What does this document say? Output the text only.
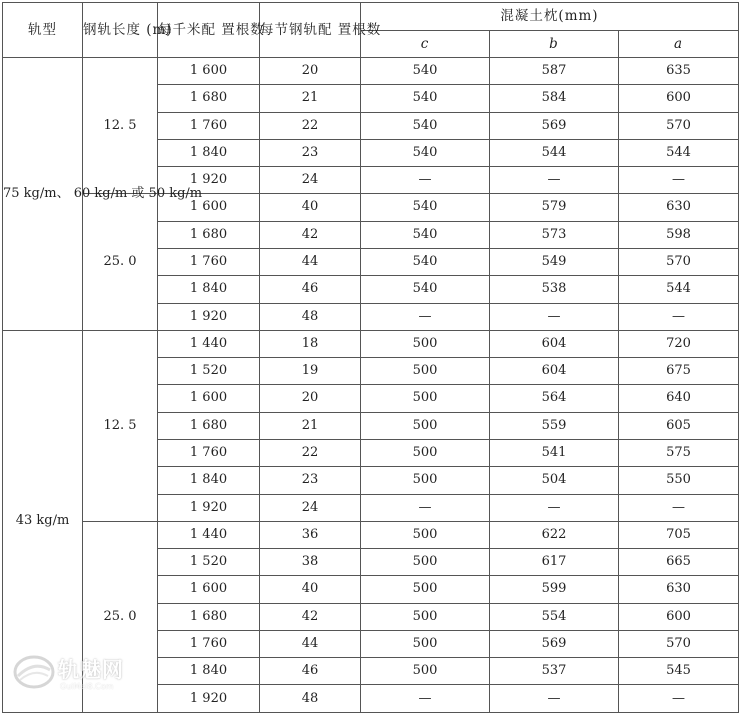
轨型	钢轨长度 (m)	每千米配 置根数	每节钢轨配 置根数	混凝土枕(mm)		
				c	b	a
75 kg/m、 60 kg/m 或 50 kg/m	12. 5	1 600	20	540	587	635
		1 680	21	540	584	600
		1 760	22	540	569	570
		1 840	23	540	544	544
		1 920	24	—	—	—
	25. 0	1 600	40	540	579	630
		1 680	42	540	573	598
		1 760	44	540	549	570
		1 840	46	540	538	544
		1 920	48	—	—	—
43 kg/m	12. 5	1 440	18	500	604	720
		1 520	19	500	604	675
		1 600	20	500	564	640
		1 680	21	500	559	605
		1 760	22	500	541	575
		1 840	23	500	504	550
		1 920	24	—	—	—
	25. 0	1 440	36	500	622	705
		1 520	38	500	617	665
		1 600	40	500	599	630
		1 680	42	500	554	600
		1 760	44	500	569	570
		1 840	46	500	537	545
		1 920	48	—	—	—
轨魅网
GuiMei8.Com
